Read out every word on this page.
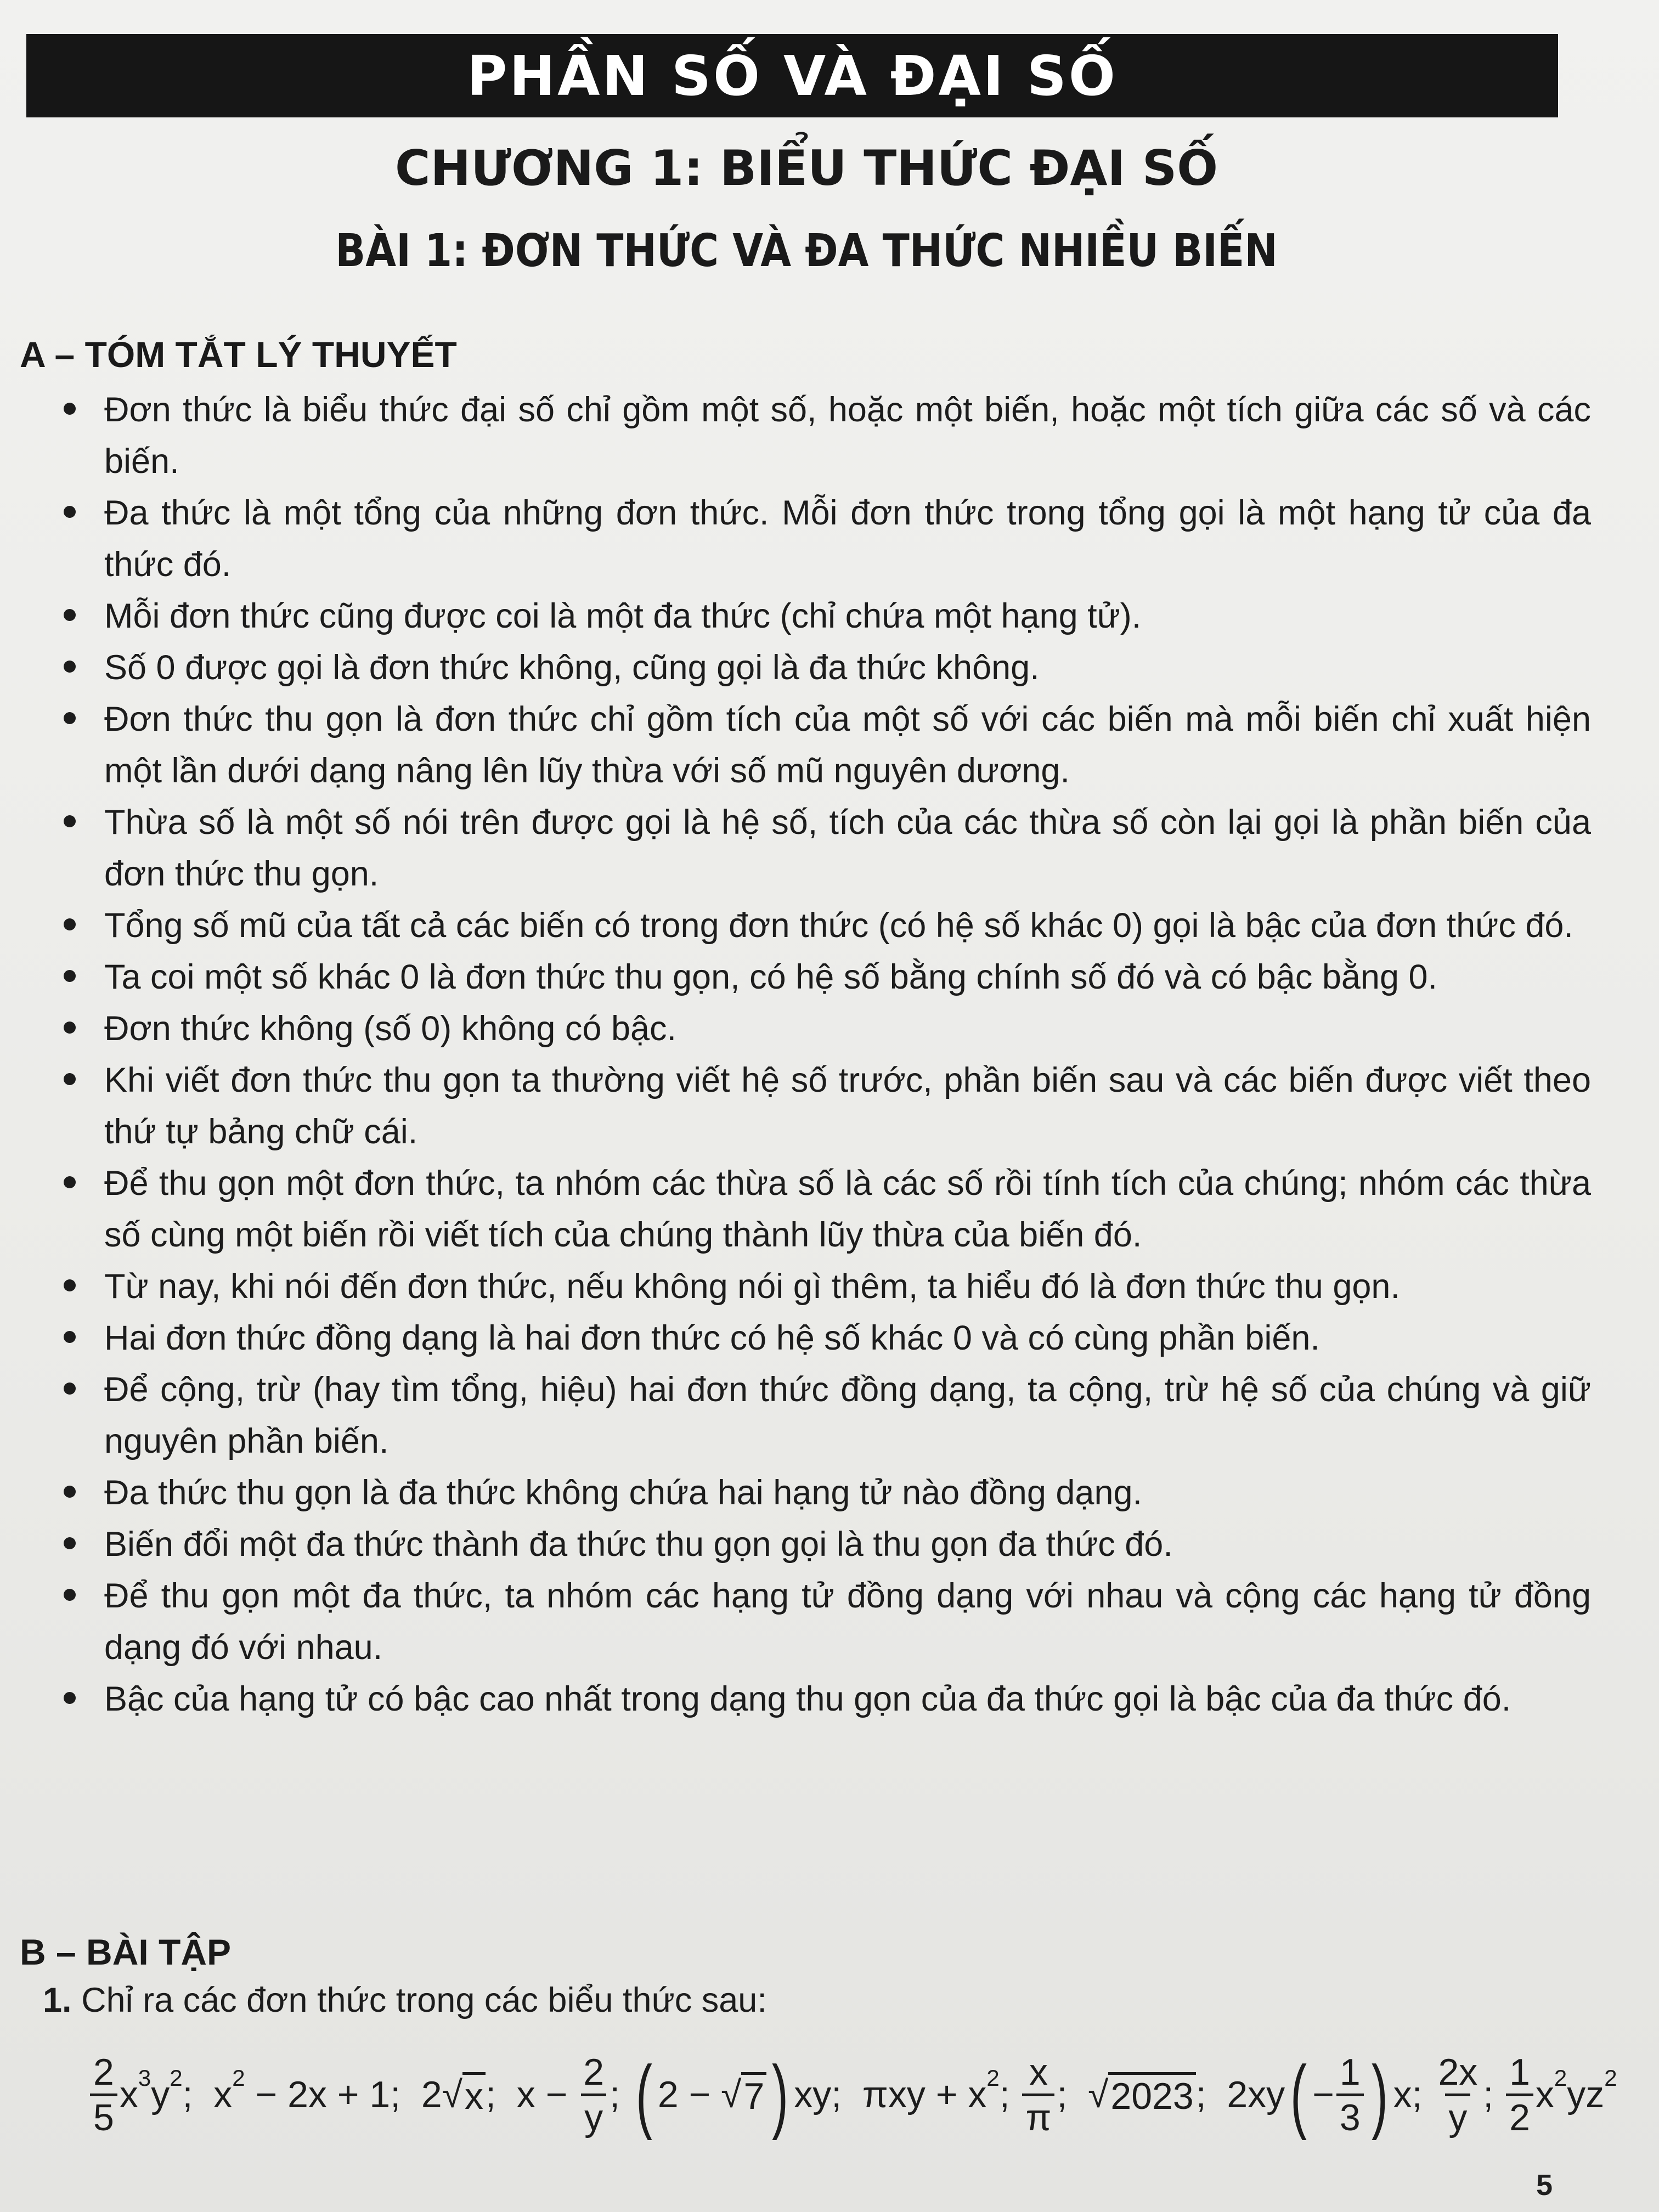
PHẦN SỐ VÀ ĐẠI SỐ
CHƯƠNG 1: BIỂU THỨC ĐẠI SỐ
BÀI 1: ĐƠN THỨC VÀ ĐA THỨC NHIỀU BIẾN
A – TÓM TẮT LÝ THUYẾT
Đơn thức là biểu thức đại số chỉ gồm một số, hoặc một biến, hoặc một tích giữa các số và các biến.
Đa thức là một tổng của những đơn thức. Mỗi đơn thức trong tổng gọi là một hạng tử của đa thức đó.
Mỗi đơn thức cũng được coi là một đa thức (chỉ chứa một hạng tử).
Số 0 được gọi là đơn thức không, cũng gọi là đa thức không.
Đơn thức thu gọn là đơn thức chỉ gồm tích của một số với các biến mà mỗi biến chỉ xuất hiện một lần dưới dạng nâng lên lũy thừa với số mũ nguyên dương.
Thừa số là một số nói trên được gọi là hệ số, tích của các thừa số còn lại gọi là phần biến của đơn thức thu gọn.
Tổng số mũ của tất cả các biến có trong đơn thức (có hệ số khác 0) gọi là bậc của đơn thức đó.
Ta coi một số khác 0 là đơn thức thu gọn, có hệ số bằng chính số đó và có bậc bằng 0.
Đơn thức không (số 0) không có bậc.
Khi viết đơn thức thu gọn ta thường viết hệ số trước, phần biến sau và các biến được viết theo thứ tự bảng chữ cái.
Để thu gọn một đơn thức, ta nhóm các thừa số là các số rồi tính tích của chúng; nhóm các thừa số cùng một biến rồi viết tích của chúng thành lũy thừa của biến đó.
Từ nay, khi nói đến đơn thức, nếu không nói gì thêm, ta hiểu đó là đơn thức thu gọn.
Hai đơn thức đồng dạng là hai đơn thức có hệ số khác 0 và có cùng phần biến.
Để cộng, trừ (hay tìm tổng, hiệu) hai đơn thức đồng dạng, ta cộng, trừ hệ số của chúng và giữ nguyên phần biến.
Đa thức thu gọn là đa thức không chứa hai hạng tử nào đồng dạng.
Biến đổi một đa thức thành đa thức thu gọn gọi là thu gọn đa thức đó.
Để thu gọn một đa thức, ta nhóm các hạng tử đồng dạng với nhau và cộng các hạng tử đồng dạng đó với nhau.
Bậc của hạng tử có bậc cao nhất trong dạng thu gọn của đa thức gọi là bậc của đa thức đó.
B – BÀI TẬP
1. Chỉ ra các đơn thức trong các biểu thức sau:
$\frac{2}{5}$ x 3 y 2 ;  x 2 − 2x + 1;  2 √ x ;  $x - \frac{2}{y}$ ; ( 2 − √ 7 ) xy;  πxy + x 2 ; $\frac{x}{\pi}$ ;  √ 2023 ;  2xy ( − $\frac{1}{3}$ ) x; $\frac{2x}{y}$ ; $\frac{1}{2}$ x 2 yz 2
5
